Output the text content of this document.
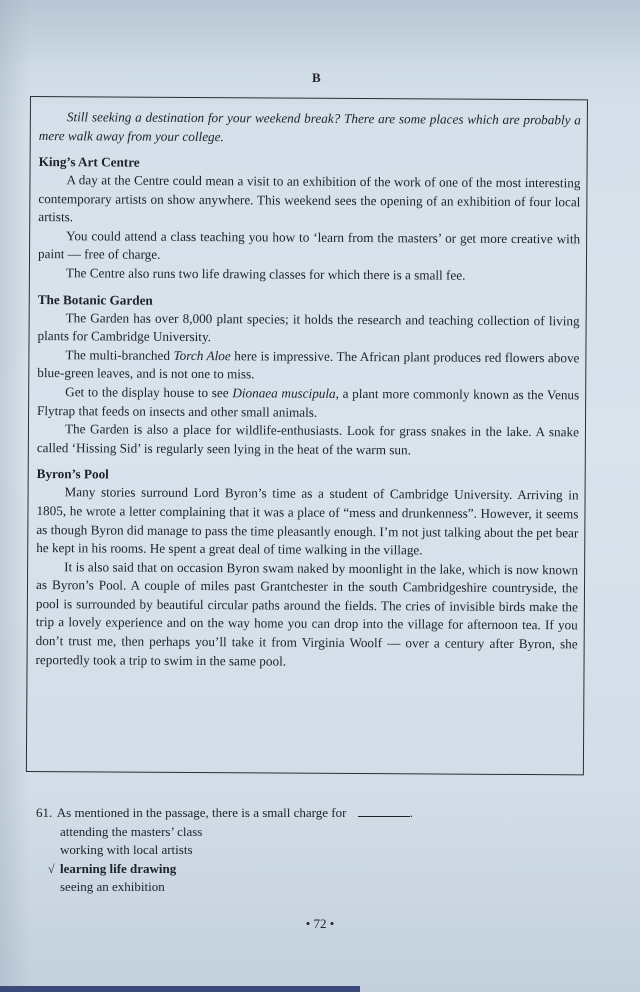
B

Still seeking a destination for your weekend break? There are some places which are probably a mere walk away from your college.

King’s Art Centre

A day at the Centre could mean a visit to an exhibition of the work of one of the most interesting contemporary artists on show anywhere. This weekend sees the opening of an exhibition of four local artists.

You could attend a class teaching you how to ‘learn from the masters’ or get more creative with paint — free of charge.

The Centre also runs two life drawing classes for which there is a small fee.

The Botanic Garden

The Garden has over 8,000 plant species; it holds the research and teaching collection of living plants for Cambridge University.

The multi-branched Torch Aloe here is impressive. The African plant produces red flowers above blue-green leaves, and is not one to miss.

Get to the display house to see Dionaea muscipula, a plant more commonly known as the Venus Flytrap that feeds on insects and other small animals.

The Garden is also a place for wildlife-enthusiasts. Look for grass snakes in the lake. A snake called ‘Hissing Sid’ is regularly seen lying in the heat of the warm sun.

Byron’s Pool

Many stories surround Lord Byron’s time as a student of Cambridge University. Arriving in 1805, he wrote a letter complaining that it was a place of “mess and drunkenness”. However, it seems as though Byron did manage to pass the time pleasantly enough. I’m not just talking about the pet bear he kept in his rooms. He spent a great deal of time walking in the village.

It is also said that on occasion Byron swam naked by moonlight in the lake, which is now known as Byron’s Pool. A couple of miles past Grantchester in the south Cambridgeshire countryside, the pool is surrounded by beautiful circular paths around the fields. The cries of invisible birds make the trip a lovely experience and on the way home you can drop into the village for afternoon tea. If you don’t trust me, then perhaps you’ll take it from Virginia Woolf — over a century after Byron, she reportedly took a trip to swim in the same pool.

61. As mentioned in the passage, there is a small charge for	.

attending the masters’ class
working with local artists
√ learning life drawing
seeing an exhibition
• 72 •
